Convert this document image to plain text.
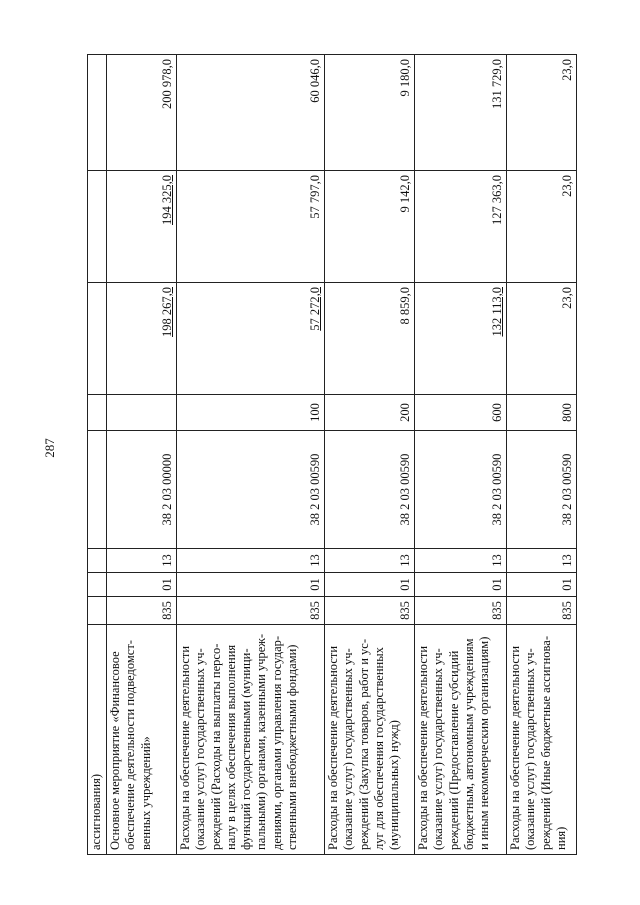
287
ассигнования)								
Основное мероприятие «Финансовое обеспечение деятельности подведомст-венных учреждений»	835	01	13	38 2 03 00000		198 267,0	194 325,0	200 978,0
Расходы на обеспечение деятельности (оказание услуг) государственных уч-реждений (Расходы на выплаты персо-налу в целях обеспечения выполнения функций государственными (муници-пальными) органами, казенными учреж-дениями, органами управления государ-ственными внебюджетными фондами)	835	01	13	38 2 03 00590	100	57 272,0	57 797,0	60 046,0
Расходы на обеспечение деятельности (оказание услуг) государственных уч-реждений (Закупка товаров, работ и ус-луг для обеспечения государственных (муниципальных) нужд)	835	01	13	38 2 03 00590	200	8 859,0	9 142,0	9 180,0
Расходы на обеспечение деятельности (оказание услуг) государственных уч-реждений (Предоставление субсидий бюджетным, автономным учреждениям и иным некоммерческим организациям)	835	01	13	38 2 03 00590	600	132 113,0	127 363,0	131 729,0
Расходы на обеспечение деятельности (оказание услуг) государственных уч-реждений (Иные бюджетные ассигнова-ния)	835	01	13	38 2 03 00590	800	23,0	23,0	23,0
